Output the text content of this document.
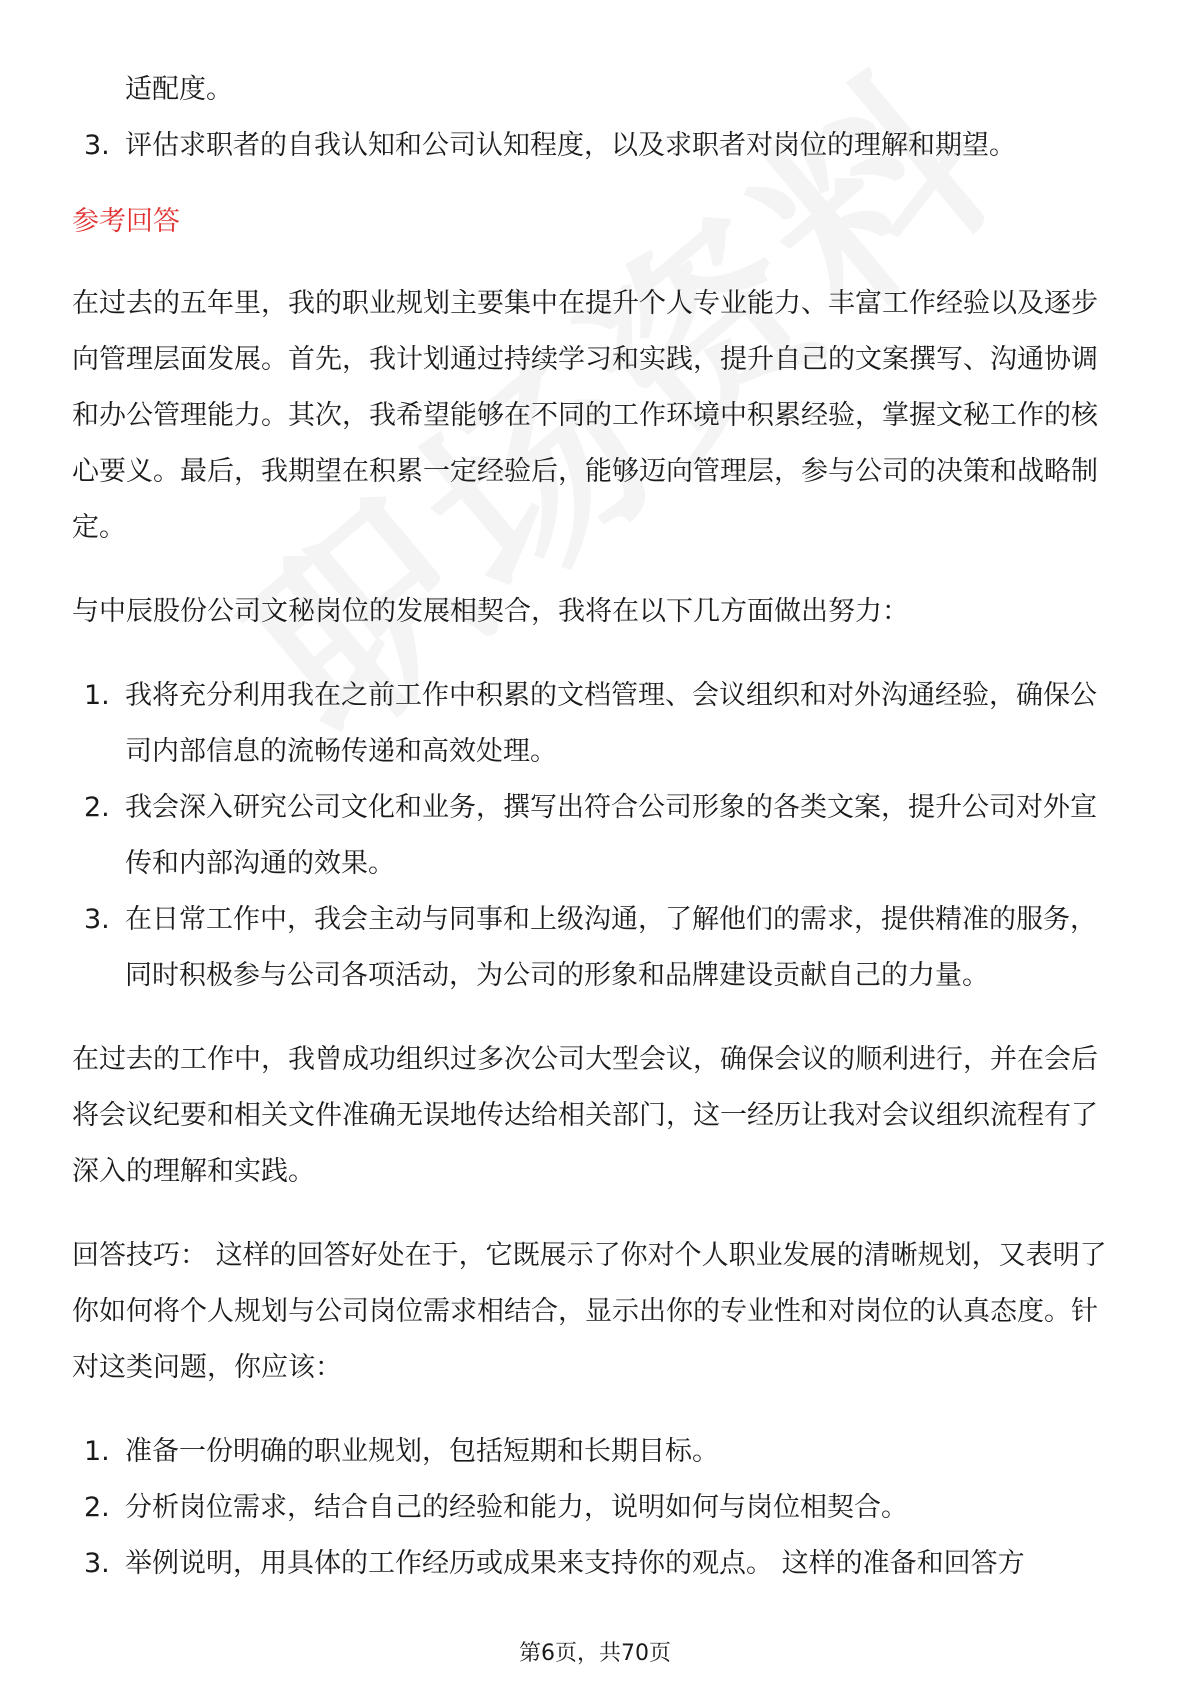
适配度。
3. 评估求职者的自我认知和公司认知程度，以及求职者对岗位的理解和期望。
参考回答

在过去的五年里，我的职业规划主要集中在提升个人专业能力、丰富工作经验以及逐步向管理层面发展。首先，我计划通过持续学习和实践，提升自己的文案撰写、沟通协调和办公管理能力。其次，我希望能够在不同的工作环境中积累经验，掌握文秘工作的核心要义。最后，我期望在积累一定经验后，能够迈向管理层，参与公司的决策和战略制定。

与中辰股份公司文秘岗位的发展相契合，我将在以下几方面做出努力：

1. 我将充分利用我在之前工作中积累的文档管理、会议组织和对外沟通经验，确保公司内部信息的流畅传递和高效处理。
2. 我会深入研究公司文化和业务，撰写出符合公司形象的各类文案，提升公司对外宣传和内部沟通的效果。
3. 在日常工作中，我会主动与同事和上级沟通，了解他们的需求，提供精准的服务，同时积极参与公司各项活动，为公司的形象和品牌建设贡献自己的力量。

在过去的工作中，我曾成功组织过多次公司大型会议，确保会议的顺利进行，并在会后将会议纪要和相关文件准确无误地传达给相关部门，这一经历让我对会议组织流程有了深入的理解和实践。

回答技巧： 这样的回答好处在于，它既展示了你对个人职业发展的清晰规划，又表明了你如何将个人规划与公司岗位需求相结合，显示出你的专业性和对岗位的认真态度。针对这类问题，你应该：

1. 准备一份明确的职业规划，包括短期和长期目标。
2. 分析岗位需求，结合自己的经验和能力，说明如何与岗位相契合。
3. 举例说明，用具体的工作经历或成果来支持你的观点。 这样的准备和回答方
第6页，共70页
